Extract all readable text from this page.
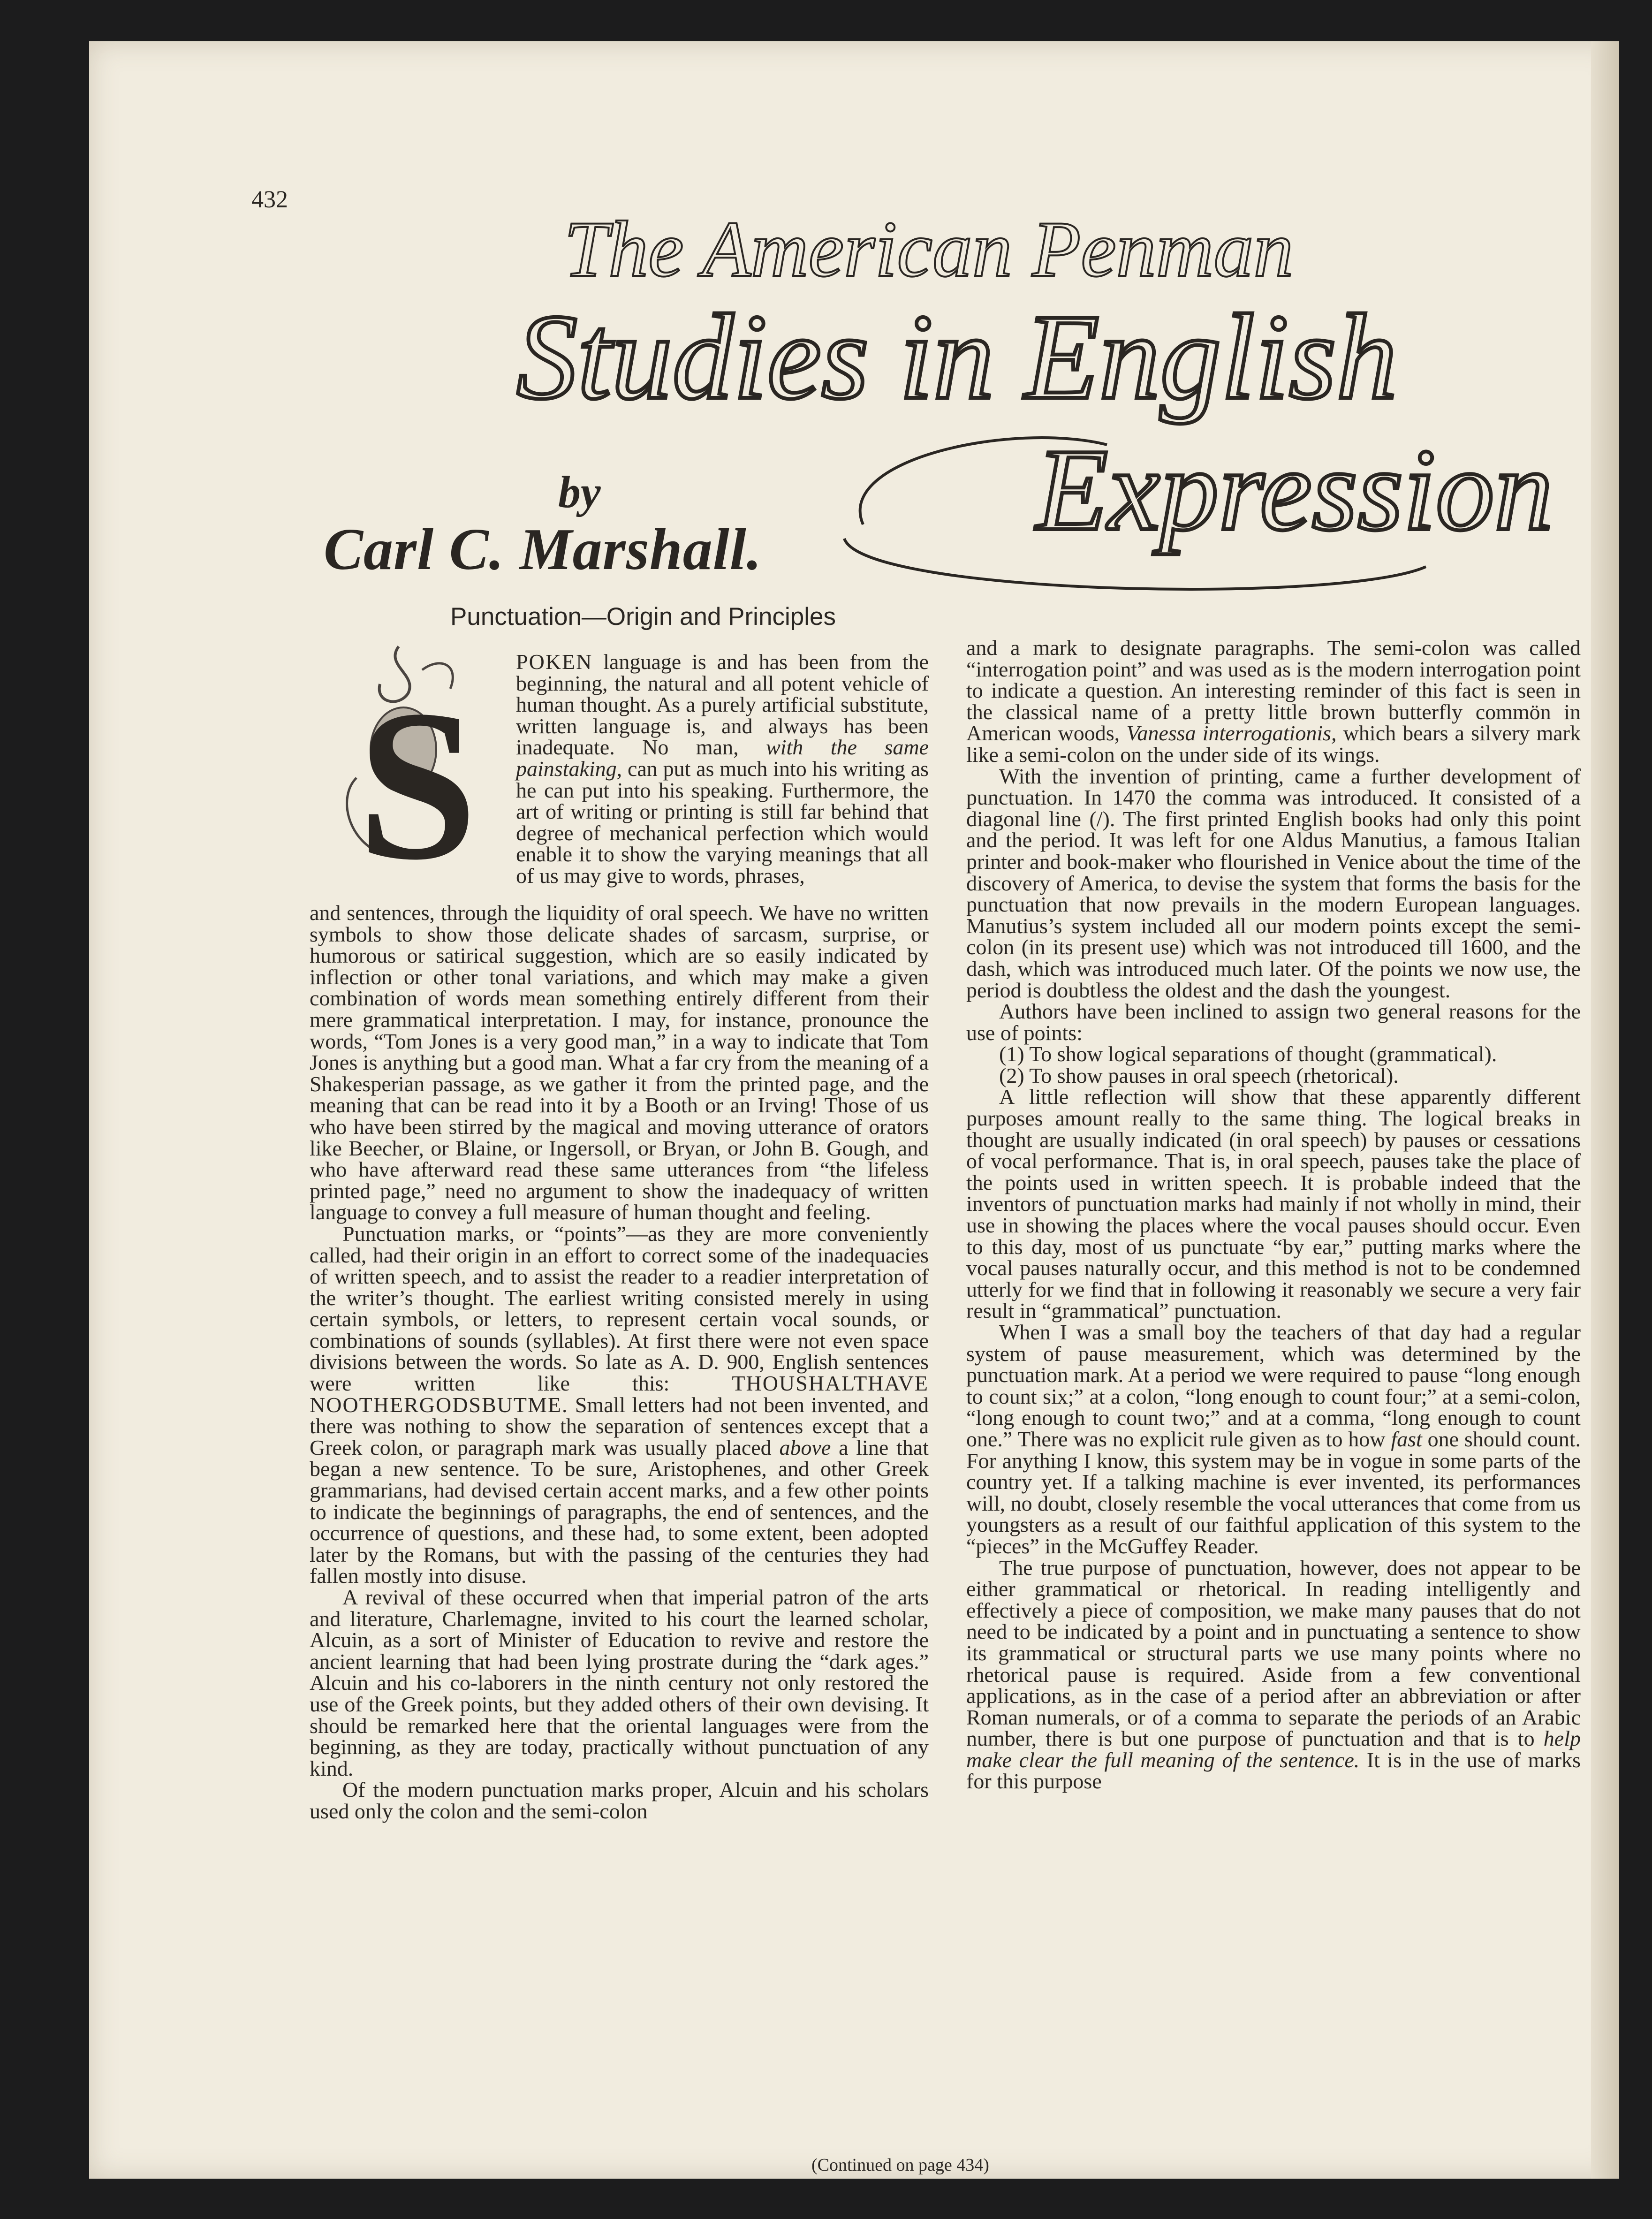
432
The American Penman
Studies in English
Expression
by
Carl C. Marshall.
Punctuation—Origin and Principles
S

POKEN language is and has been from the beginning, the natural and all potent vehicle of human thought. As a purely artificial substitute, written language is, and always has been inadequate. No man, with the same painstaking, can put as much into his writing as he can put into his speaking. Furthermore, the art of writing or printing is still far behind that degree of mechanical perfection which would enable it to show the varying meanings that all of us may give to words, phrases,

and sentences, through the liquidity of oral speech. We have no written symbols to show those delicate shades of sarcasm, surprise, or humorous or satirical suggestion, which are so easily indicated by inflection or other tonal variations, and which may make a given combination of words mean something entirely different from their mere grammatical interpretation. I may, for instance, pronounce the words, “Tom Jones is a very good man,” in a way to indicate that Tom Jones is anything but a good man. What a far cry from the meaning of a Shakesperian passage, as we gather it from the printed page, and the meaning that can be read into it by a Booth or an Irving! Those of us who have been stirred by the magical and moving utterance of orators like Beecher, or Blaine, or Ingersoll, or Bryan, or John B. Gough, and who have afterward read these same utterances from “the lifeless printed page,” need no argument to show the inadequacy of written language to convey a full measure of human thought and feeling.

Punctuation marks, or “points”—as they are more conveniently called, had their origin in an effort to correct some of the inadequacies of written speech, and to assist the reader to a readier interpretation of the writer’s thought. The earliest writing consisted merely in using certain symbols, or letters, to represent certain vocal sounds, or combinations of sounds (syllables). At first there were not even space divisions between the words. So late as A. D. 900, English sentences were written like this: THOUSHALTHAVE NOOTHERGODSBUTME. Small letters had not been invented, and there was nothing to show the separation of sentences except that a Greek colon, or paragraph mark was usually placed above a line that began a new sentence. To be sure, Aristophenes, and other Greek grammarians, had devised certain accent marks, and a few other points to indicate the beginnings of paragraphs, the end of sentences, and the occurrence of questions, and these had, to some extent, been adopted later by the Romans, but with the passing of the centuries they had fallen mostly into disuse.

A revival of these occurred when that imperial patron of the arts and literature, Charlemagne, invited to his court the learned scholar, Alcuin, as a sort of Minister of Education to revive and restore the ancient learning that had been lying prostrate during the “dark ages.” Alcuin and his co-laborers in the ninth century not only restored the use of the Greek points, but they added others of their own devising. It should be remarked here that the oriental languages were from the beginning, as they are today, practically without punctuation of any kind.

Of the modern punctuation marks proper, Alcuin and his scholars used only the colon and the semi-colon

and a mark to designate paragraphs. The semi-colon was called “interrogation point” and was used as is the modern interrogation point to indicate a question. An interesting reminder of this fact is seen in the classical name of a pretty little brown butterfly commön in American woods, Vanessa interrogationis, which bears a silvery mark like a semi-colon on the under side of its wings.

With the invention of printing, came a further development of punctuation. In 1470 the comma was introduced. It consisted of a diagonal line (/). The first printed English books had only this point and the period. It was left for one Aldus Manutius, a famous Italian printer and book-maker who flourished in Venice about the time of the discovery of America, to devise the system that forms the basis for the punctuation that now prevails in the modern European languages. Manutius’s system included all our modern points except the semi-colon (in its present use) which was not introduced till 1600, and the dash, which was introduced much later. Of the points we now use, the period is doubtless the oldest and the dash the youngest.

Authors have been inclined to assign two general reasons for the use of points:

(1) To show logical separations of thought (grammatical).

(2) To show pauses in oral speech (rhetorical).

A little reflection will show that these apparently different purposes amount really to the same thing. The logical breaks in thought are usually indicated (in oral speech) by pauses or cessations of vocal performance. That is, in oral speech, pauses take the place of the points used in written speech. It is probable indeed that the inventors of punctuation marks had mainly if not wholly in mind, their use in showing the places where the vocal pauses should occur. Even to this day, most of us punctuate “by ear,” putting marks where the vocal pauses naturally occur, and this method is not to be condemned utterly for we find that in following it reasonably we secure a very fair result in “grammatical” punctuation.

When I was a small boy the teachers of that day had a regular system of pause measurement, which was determined by the punctuation mark. At a period we were required to pause “long enough to count six;” at a colon, “long enough to count four;” at a semi-colon, “long enough to count two;” and at a comma, “long enough to count one.” There was no explicit rule given as to how fast one should count. For anything I know, this system may be in vogue in some parts of the country yet. If a talking machine is ever invented, its performances will, no doubt, closely resemble the vocal utterances that come from us youngsters as a result of our faithful application of this system to the “pieces” in the McGuffey Reader.

The true purpose of punctuation, however, does not appear to be either grammatical or rhetorical. In reading intelligently and effectively a piece of composition, we make many pauses that do not need to be indicated by a point and in punctuating a sentence to show its grammatical or structural parts we use many points where no rhetorical pause is required. Aside from a few conventional applications, as in the case of a period after an abbreviation or after Roman numerals, or of a comma to separate the periods of an Arabic number, there is but one purpose of punctuation and that is to help make clear the full meaning of the sentence. It is in the use of marks for this purpose

(Continued on page 434)
